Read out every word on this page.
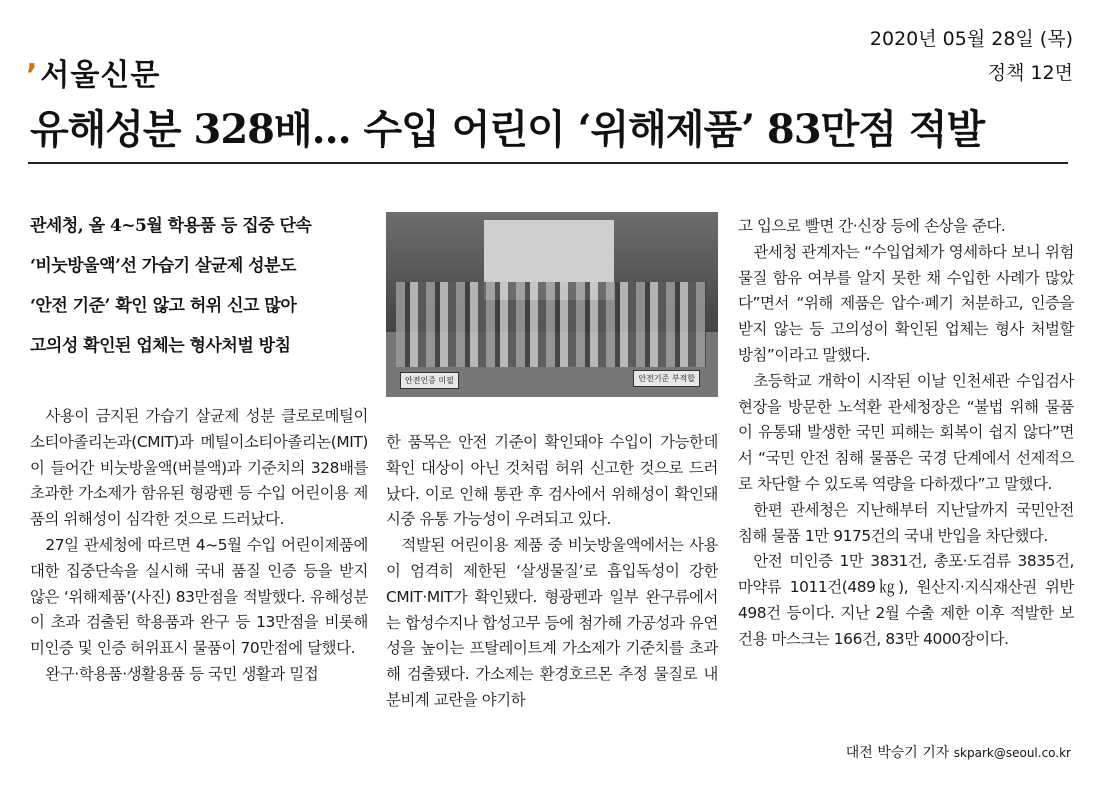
’서울신문
2020년 05월 28일 (목)
정책 12면
유해성분 328배… 수입 어린이 ‘위해제품’ 83만점 적발
관세청, 올 4~5월 학용품 등 집중 단속
‘비눗방울액’선 가습기 살균제 성분도
‘안전 기준’ 확인 않고 허위 신고 많아
고의성 확인된 업체는 형사처벌 방침
안전인증 미필	안전기준 부적합

사용이 금지된 가습기 살균제 성분 클로로메틸이소티아졸리논과(CMIT)과 메틸이소티아졸리논(MIT)이 들어간 비눗방울액(버블액)과 기준치의 328배를 초과한 가소제가 함유된 형광펜 등 수입 어린이용 제품의 위해성이 심각한 것으로 드러났다.

27일 관세청에 따르면 4~5월 수입 어린이제품에 대한 집중단속을 실시해 국내 품질 인증 등을 받지 않은 ‘위해제품’(사진) 83만점을 적발했다. 유해성분이 초과 검출된 학용품과 완구 등 13만점을 비롯해 미인증 및 인증 허위표시 물품이 70만점에 달했다.

완구·학용품·생활용품 등 국민 생활과 밀접

한 품목은 안전 기준이 확인돼야 수입이 가능한데 확인 대상이 아닌 것처럼 허위 신고한 것으로 드러났다. 이로 인해 통관 후 검사에서 위해성이 확인돼 시중 유통 가능성이 우려되고 있다.

적발된 어린이용 제품 중 비눗방울액에서는 사용이 엄격히 제한된 ‘살생물질’로 흡입독성이 강한 CMIT·MIT가 확인됐다. 형광펜과 일부 완구류에서는 합성수지나 합성고무 등에 첨가해 가공성과 유연성을 높이는 프탈레이트계 가소제가 기준치를 초과해 검출됐다. 가소제는 환경호르몬 추정 물질로 내분비계 교란을 야기하

고 입으로 빨면 간·신장 등에 손상을 준다.

관세청 관계자는 “수입업체가 영세하다 보니 위험물질 함유 여부를 알지 못한 채 수입한 사례가 많았다”면서 “위해 제품은 압수·폐기 처분하고, 인증을 받지 않는 등 고의성이 확인된 업체는 형사 처벌할 방침”이라고 말했다.

초등학교 개학이 시작된 이날 인천세관 수입검사 현장을 방문한 노석환 관세청장은 “불법 위해 물품이 유통돼 발생한 국민 피해는 회복이 쉽지 않다”면서 “국민 안전 침해 물품은 국경 단계에서 선제적으로 차단할 수 있도록 역량을 다하겠다”고 말했다.

한편 관세청은 지난해부터 지난달까지 국민안전 침해 물품 1만 9175건의 국내 반입을 차단했다.

안전 미인증 1만 3831건, 총포·도검류 3835건, 마약류 1011건(489㎏), 원산지·지식재산권 위반 498건 등이다. 지난 2월 수출 제한 이후 적발한 보건용 마스크는 166건, 83만 4000장이다.

대전 박승기 기자 skpark@seoul.co.kr
